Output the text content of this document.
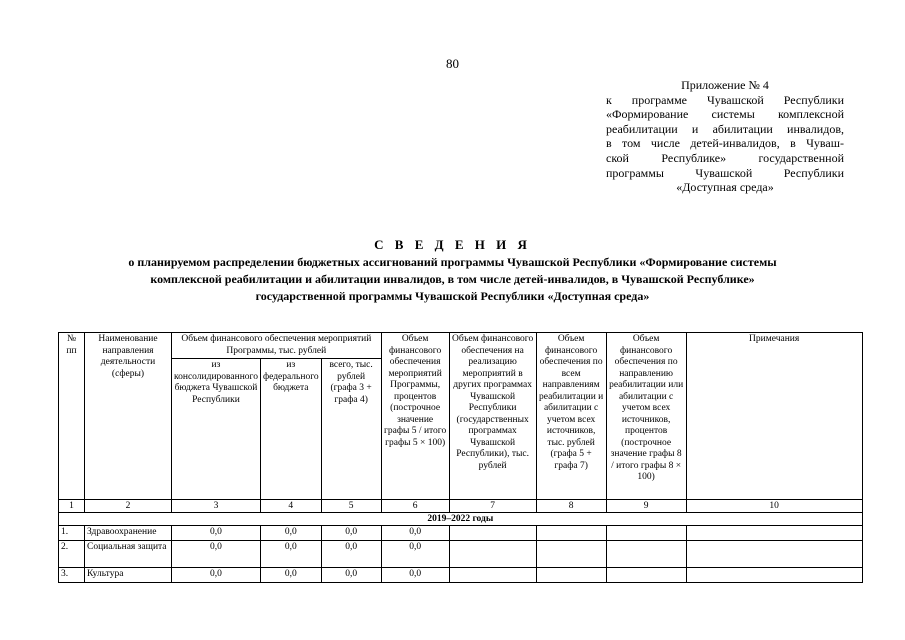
80
Приложение № 4
к программе Чувашской Республики
«Формирование системы комплексной
реабилитации и абилитации инвалидов,
в том числе детей-инвалидов, в Чуваш-
ской Республике» государственной
программы Чувашской Республики
«Доступная среда»
С В Е Д Е Н И Я
о планируемом распределении бюджетных ассигнований программы Чувашской Республики «Формирование системы
комплексной реабилитации и абилитации инвалидов, в том числе детей-инвалидов, в Чувашской Республике»
государственной программы Чувашской Республики «Доступная среда»
№ пп	Наименование направления деятельности (сферы)	Объем финансового обеспечения мероприятий Программы, тыс. рублей			Объем финансового обеспечения мероприятий Программы, процентов (построчное значение графы 5 / итого графы 5 × 100)	Объем финансового обеспечения на реализацию мероприятий в других программах Чувашской Республики (государственных программах Чувашской Республики), тыс. рублей	Объем финансового обеспечения по всем направлениям реабилитации и абилитации с учетом всех источников, тыс. рублей (графа 5 + графа 7)	Объем финансового обеспечения по направлению реабилитации или абилитации с учетом всех источников, процентов (построчное значение графы 8 / итого графы 8 × 100)	Примечания
		из консолидированного бюджета Чувашской Республики	из федерального бюджета	всего, тыс. рублей (графа 3 + графа 4)					
1	2	3	4	5	6	7	8	9	10
2019–2022 годы									
1.	Здравоохранение	0,0	0,0	0,0	0,0				
2.	Социальная защита	0,0	0,0	0,0	0,0				
3.	Культура	0,0	0,0	0,0	0,0				
